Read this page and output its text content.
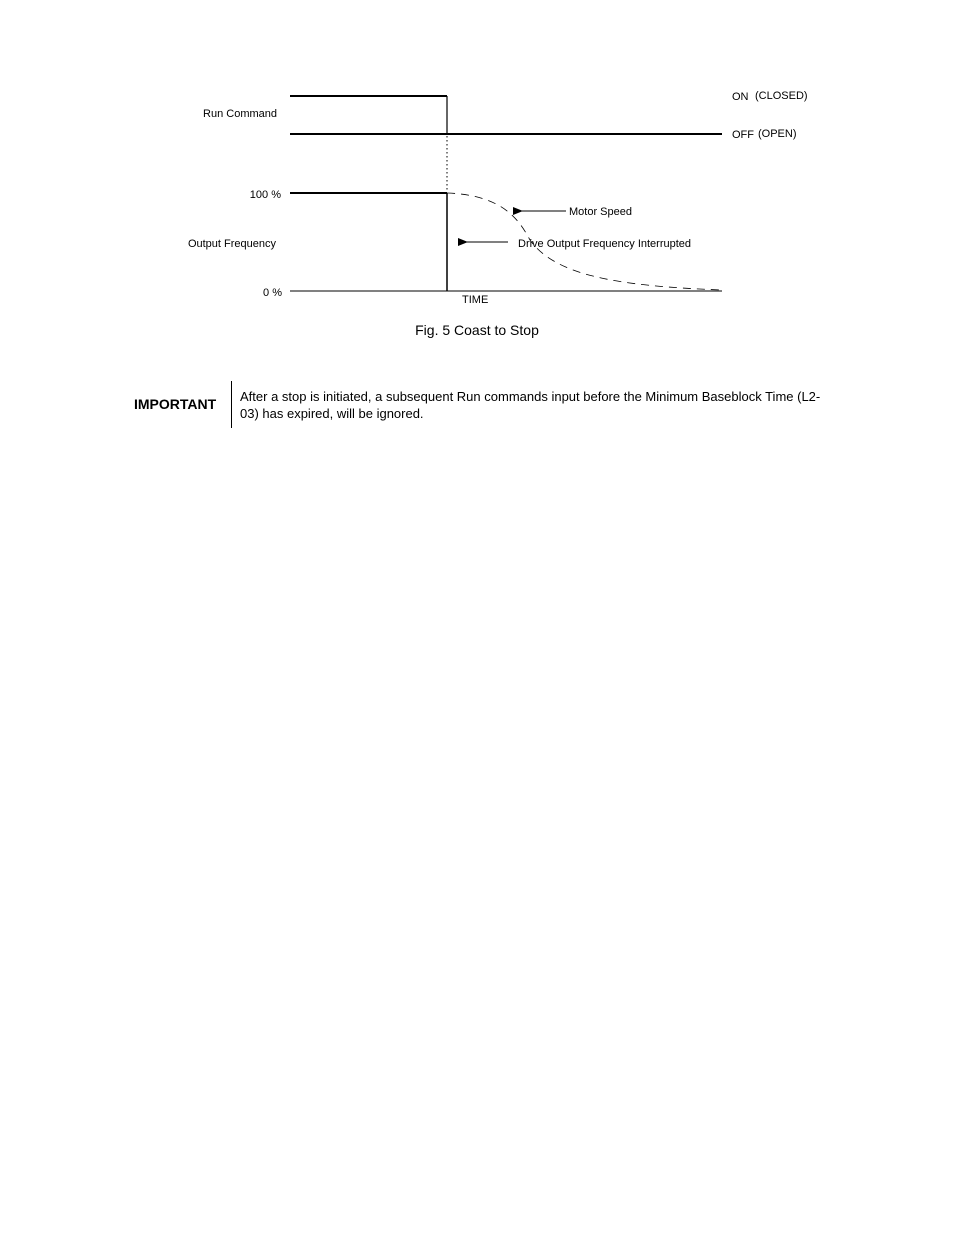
Run Command
ON (CLOSED)
OFF (OPEN)
100 %
Output Frequency
0 %
TIME
Motor Speed
Drive Output Frequency Interrupted
Fig. 5 Coast to Stop
IMPORTANT After a stop is initiated, a subsequent Run commands input before the Minimum Baseblock Time (L2-03) has expired, will be ignored.
